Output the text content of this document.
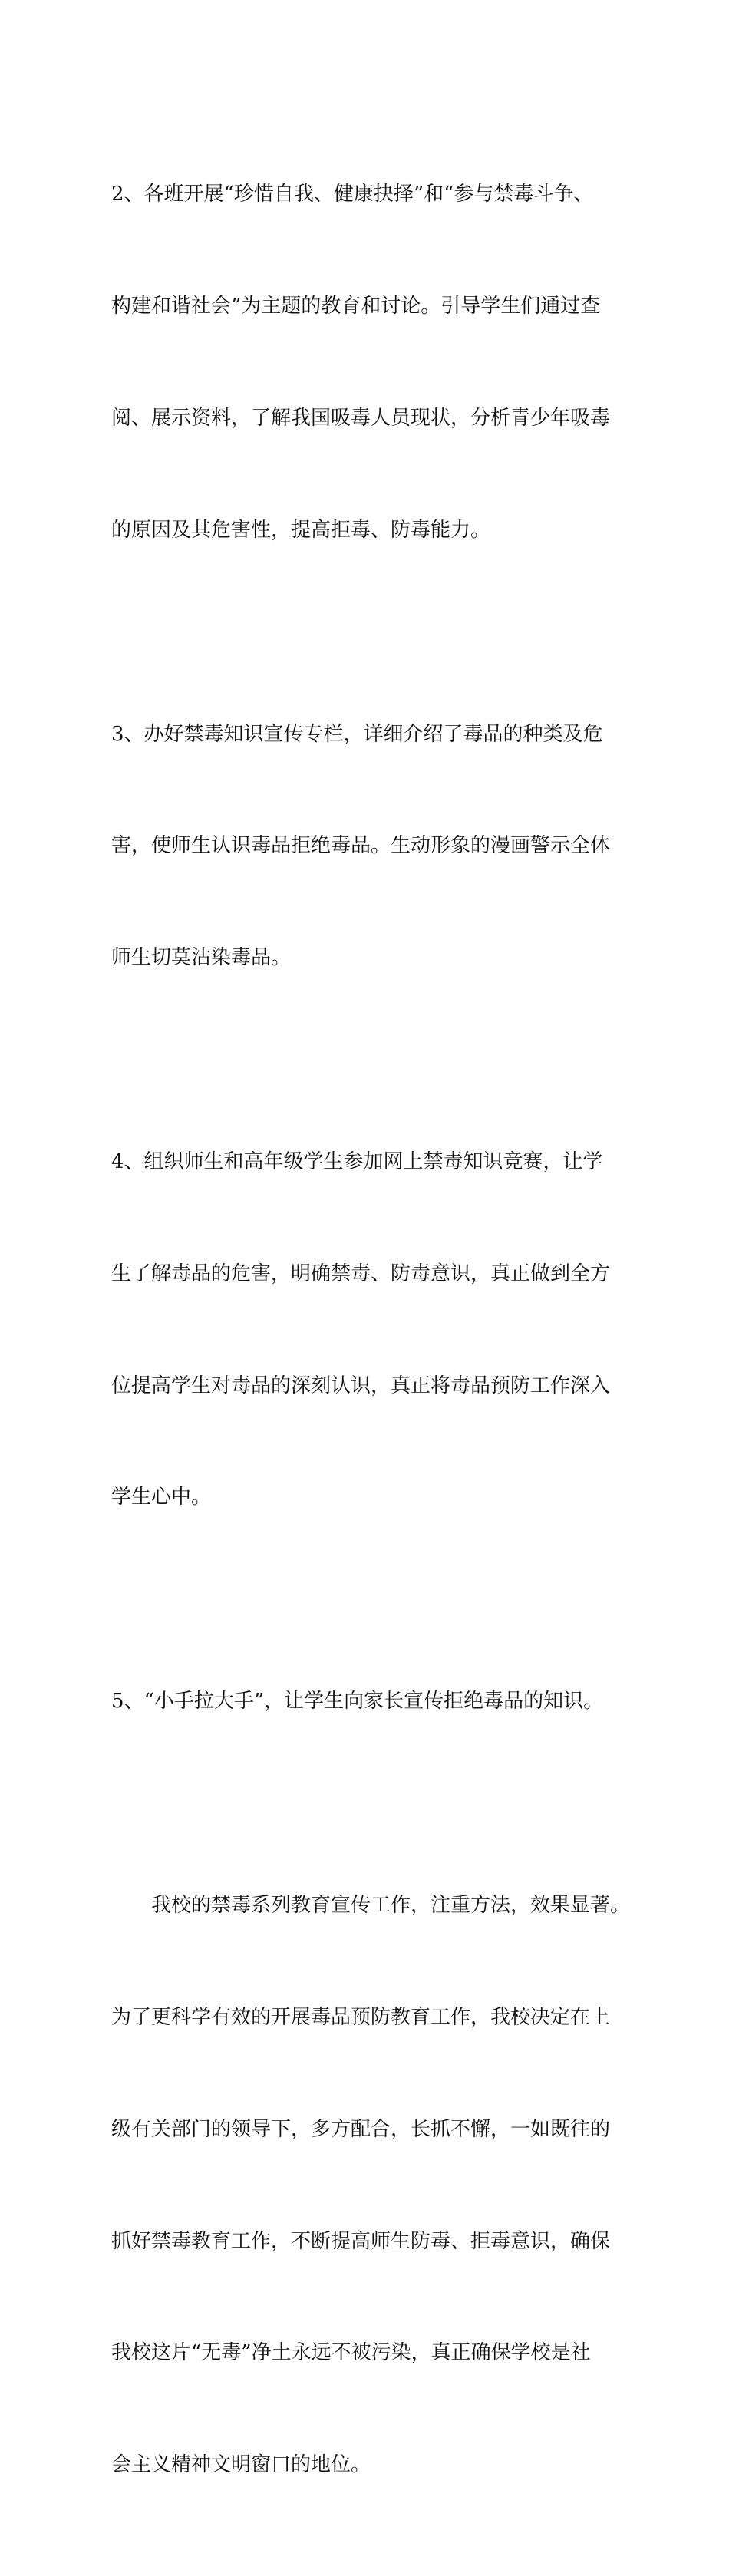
2、各班开展“珍惜自我、健康抉择”和“参与禁毒斗争、

构建和谐社会”为主题的教育和讨论。引导学生们通过查

阅、展示资料，了解我国吸毒人员现状，分析青少年吸毒

的原因及其危害性，提高拒毒、防毒能力。

3、办好禁毒知识宣传专栏，详细介绍了毒品的种类及危

害，使师生认识毒品拒绝毒品。生动形象的漫画警示全体

师生切莫沾染毒品。

4、组织师生和高年级学生参加网上禁毒知识竞赛，让学

生了解毒品的危害，明确禁毒、防毒意识，真正做到全方

位提高学生对毒品的深刻认识，真正将毒品预防工作深入

学生心中。

5、“小手拉大手”，让学生向家长宣传拒绝毒品的知识。

我校的禁毒系列教育宣传工作，注重方法，效果显著。

为了更科学有效的开展毒品预防教育工作，我校决定在上

级有关部门的领导下，多方配合，长抓不懈，一如既往的

抓好禁毒教育工作，不断提高师生防毒、拒毒意识，确保

我校这片“无毒”净土永远不被污染，真正确保学校是社

会主义精神文明窗口的地位。
